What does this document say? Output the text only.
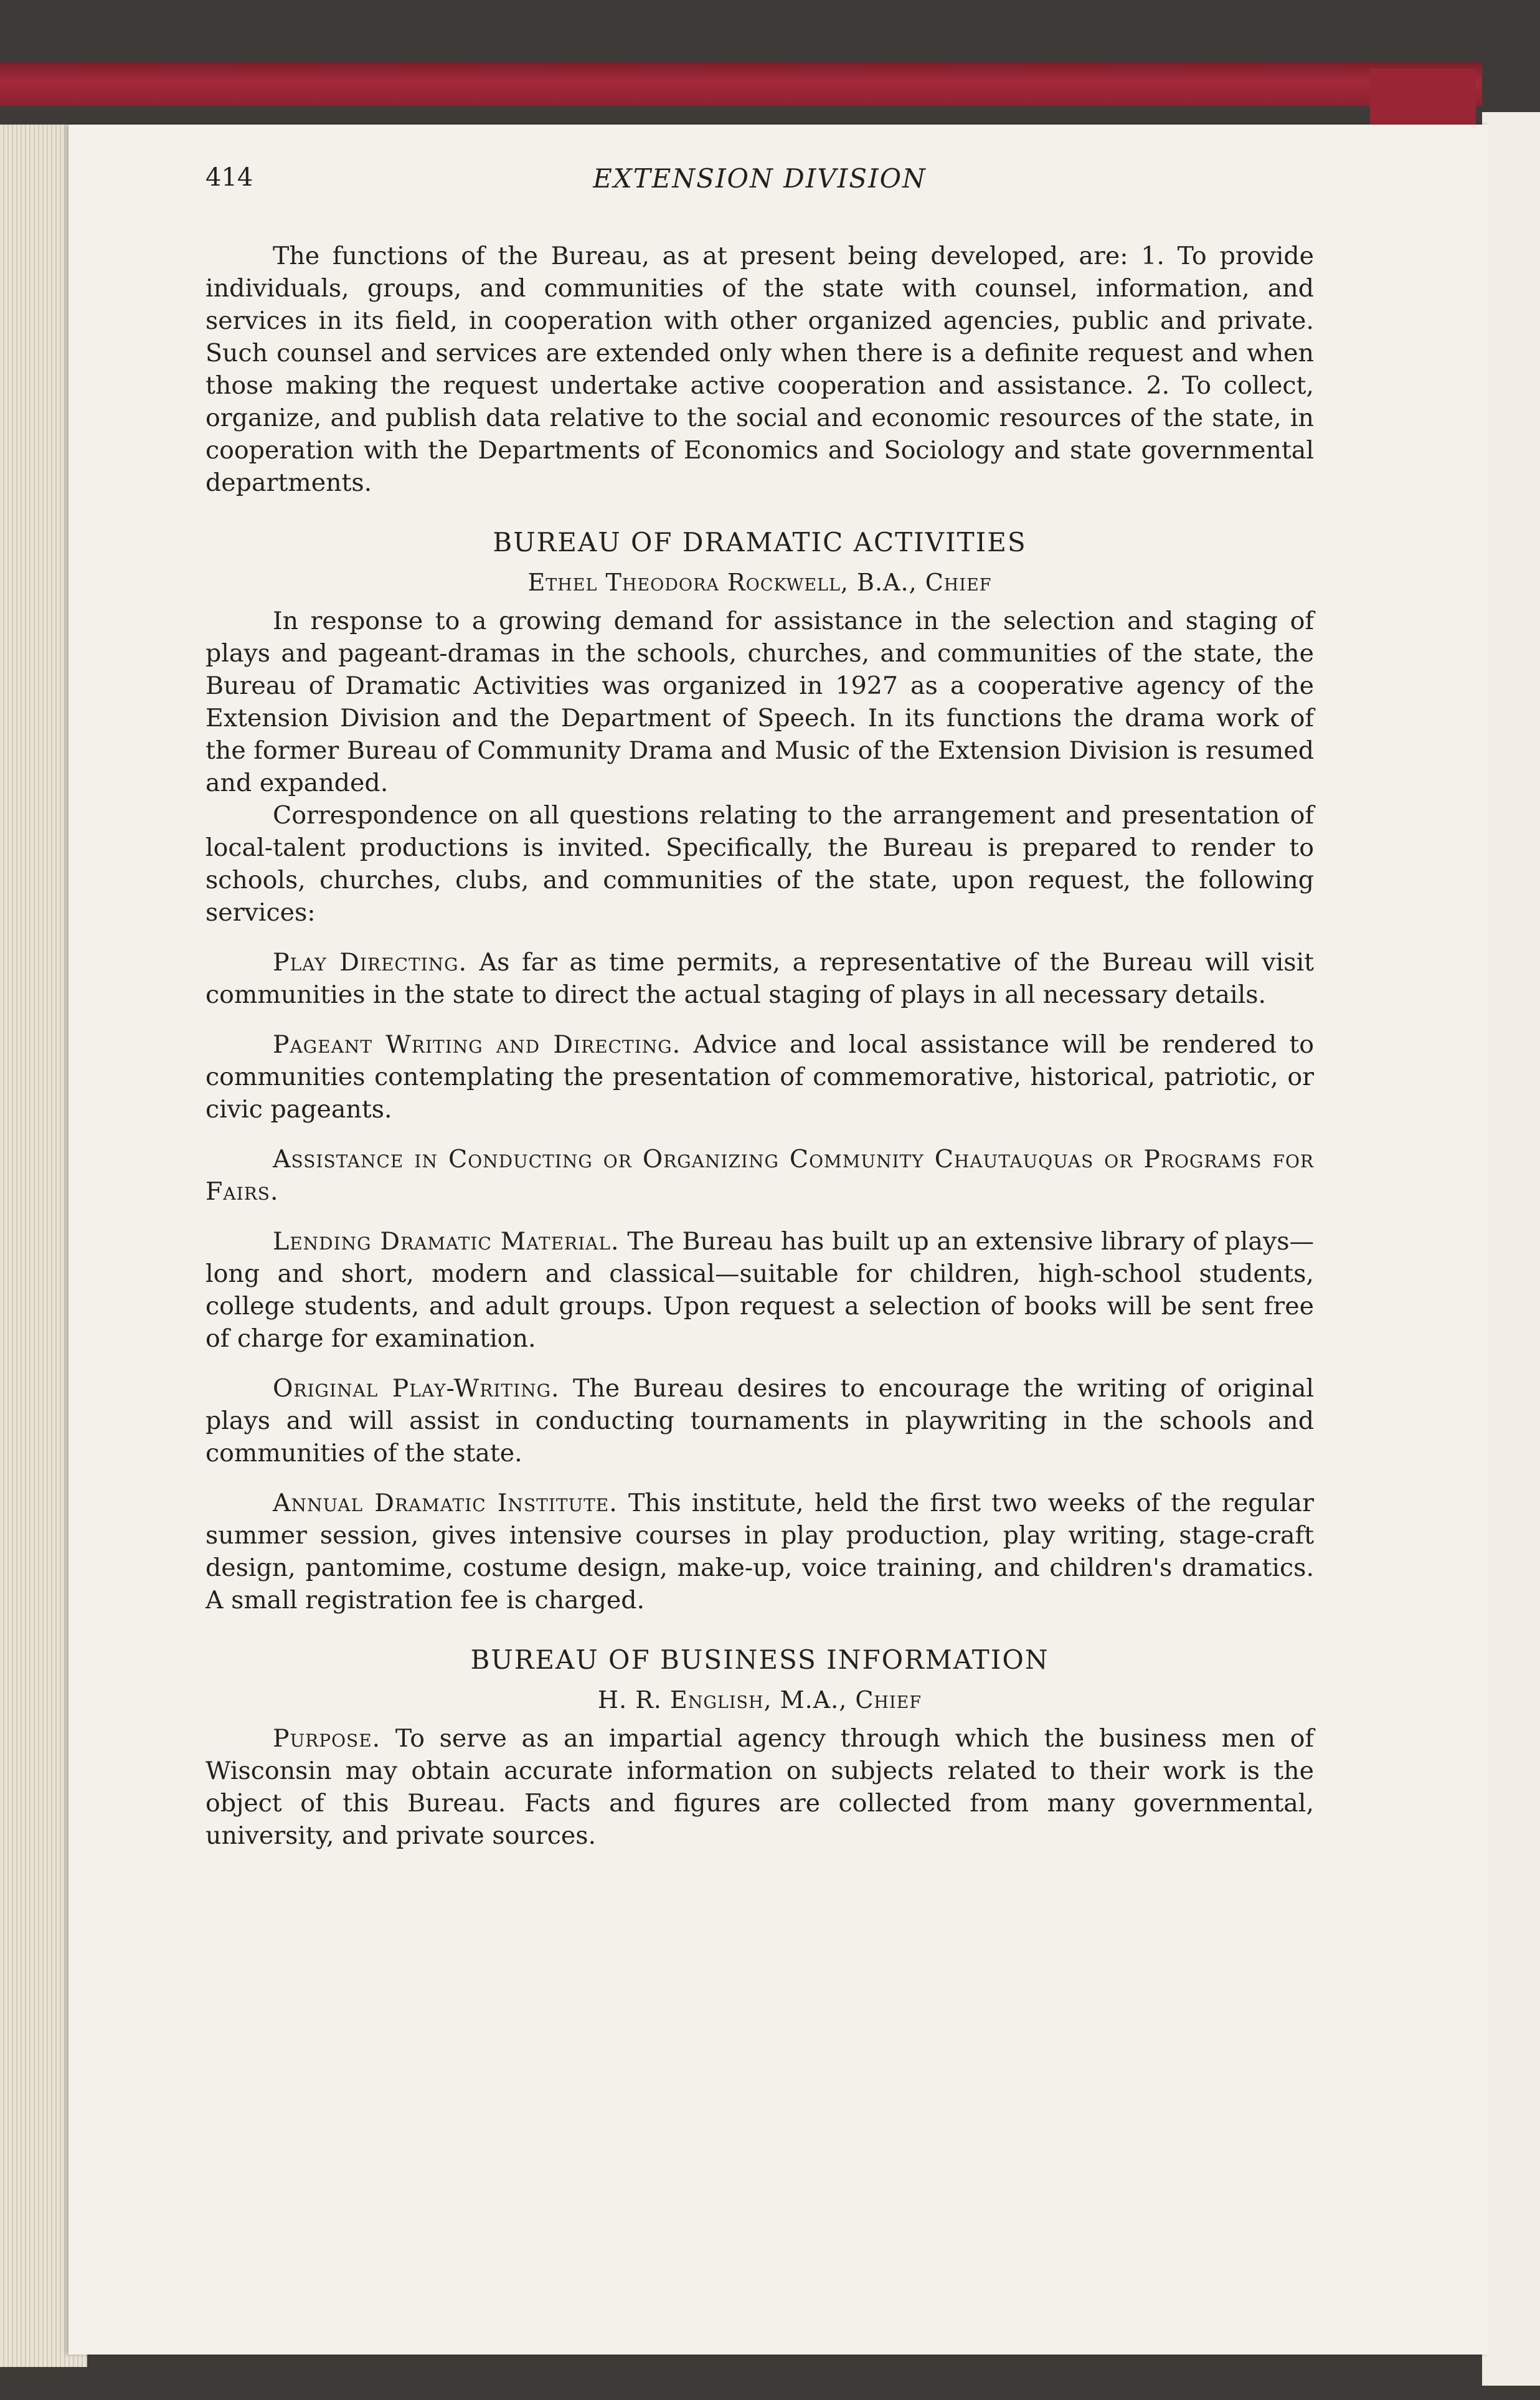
414	EXTENSION DIVISION

The functions of the Bureau, as at present being developed, are: 1. To provide individuals, groups, and communities of the state with counsel, information, and services in its field, in cooperation with other organized agencies, public and private. Such counsel and services are extended only when there is a definite request and when those making the request undertake active cooperation and assistance. 2. To collect, organize, and publish data relative to the social and economic resources of the state, in cooperation with the Departments of Economics and Sociology and state governmental departments.

BUREAU OF DRAMATIC ACTIVITIES
Ethel Theodora Rockwell, B.A., Chief

In response to a growing demand for assistance in the selection and staging of plays and pageant-dramas in the schools, churches, and communities of the state, the Bureau of Dramatic Activities was organized in 1927 as a cooperative agency of the Extension Division and the Department of Speech. In its functions the drama work of the former Bureau of Community Drama and Music of the Extension Division is resumed and expanded.

Correspondence on all questions relating to the arrangement and presentation of local-talent productions is invited. Specifically, the Bureau is prepared to render to schools, churches, clubs, and communities of the state, upon request, the following services:

Play Directing. As far as time permits, a representative of the Bureau will visit communities in the state to direct the actual staging of plays in all necessary details.

Pageant Writing and Directing. Advice and local assistance will be rendered to communities contemplating the presentation of commemorative, historical, patriotic, or civic pageants.

Assistance in Conducting or Organizing Community Chautauquas or Programs for Fairs.

Lending Dramatic Material. The Bureau has built up an extensive library of plays—long and short, modern and classical—suitable for children, high-school students, college students, and adult groups. Upon request a selection of books will be sent free of charge for examination.

Original Play-Writing. The Bureau desires to encourage the writing of original plays and will assist in conducting tournaments in playwriting in the schools and communities of the state.

Annual Dramatic Institute. This institute, held the first two weeks of the regular summer session, gives intensive courses in play production, play writing, stage-craft design, pantomime, costume design, make-up, voice training, and children's dramatics. A small registration fee is charged.

BUREAU OF BUSINESS INFORMATION
H. R. English, M.A., Chief

Purpose. To serve as an impartial agency through which the business men of Wisconsin may obtain accurate information on subjects related to their work is the object of this Bureau. Facts and figures are collected from many governmental, university, and private sources.
